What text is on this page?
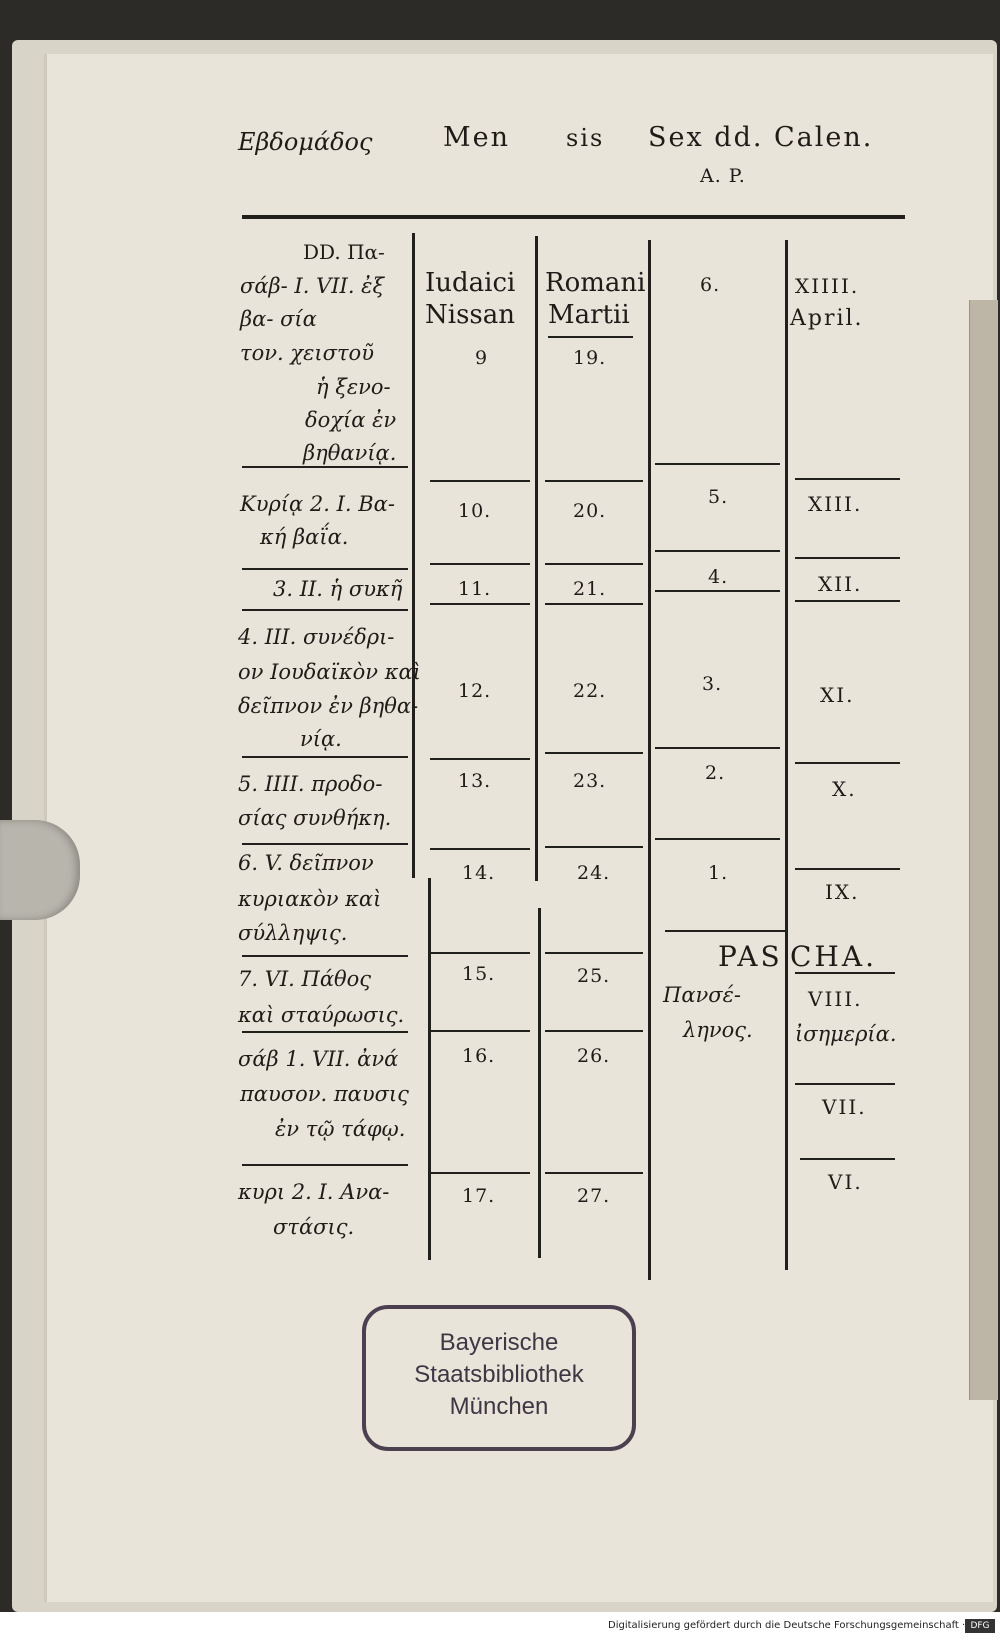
Εβδομάδος	Men sis Sex dd. Calen.
A. P.
Iudaici
Nissan
Romani
Martii
6.	XIIII.
April.
DD. Πα-
σάβ- I. VII. ἐξ
βα- σία
τον. χειστοῦ
ἡ ξενο-
δοχία ἐν
βηθανίᾳ.
Κυρίᾳ 2. I. Βα-
κή βαΐα.
3. II. ἡ συκῆ
4. III. συνέδρι-
ον Ιουδαϊκὸν καὶ
δεῖπνον ἐν βηθα-
νίᾳ.
5. IIII. προδο-
σίας συνθήκη.
6. V. δεῖπνον
κυριακὸν καὶ
σύλληψις.
7. VI. Πάθος
καὶ σταύρωσις.
σάβ 1. VII. ἀνά
παυσον. παυσις
ἐν τῷ τάφῳ.
κυρι 2. I. Ανα-
στάσις.
9
10.
11.
12.
13.
14.
15.
16.
17.
19.
20.
21.
22.
23.
24.
25.
26.
27.
5.
4.
3.
2.
1.
XIII.
XII.
XI.
X.
IX.
VIII.
VII.
VI.
PAS CHA.
Πανσέ-
ληνος. ἰσημερία.
Bayerische
Staatsbibliothek
München
Digitalisierung gefördert durch die Deutsche Forschungsgemeinschaft · DFG
